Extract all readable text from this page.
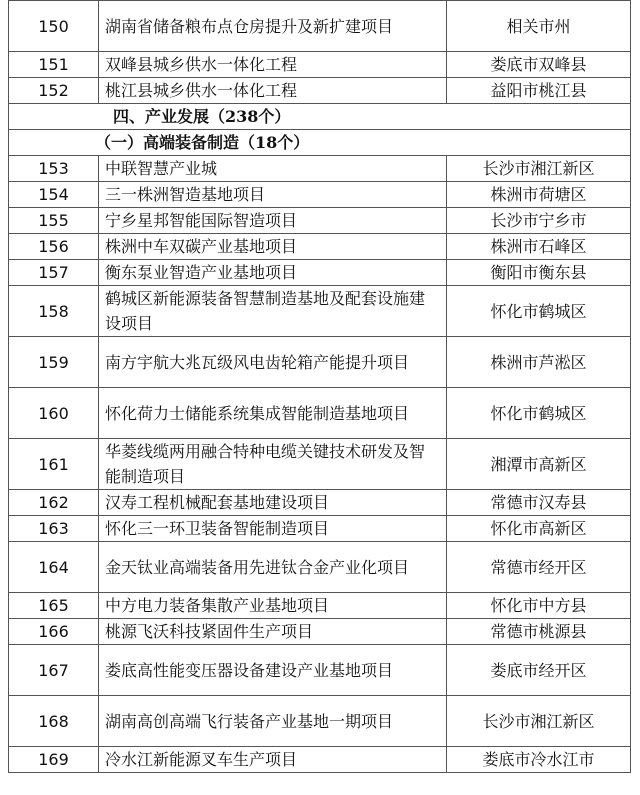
150	湖南省储备粮布点仓房提升及新扩建项目	相关市州
151	双峰县城乡供水一体化工程	娄底市双峰县
152	桃江县城乡供水一体化工程	益阳市桃江县
四、产业发展（238个）		
（一）高端装备制造（18个）		
153	中联智慧产业城	长沙市湘江新区
154	三一株洲智造基地项目	株洲市荷塘区
155	宁乡星邦智能国际智造项目	长沙市宁乡市
156	株洲中车双碳产业基地项目	株洲市石峰区
157	衡东泵业智造产业基地项目	衡阳市衡东县
158	鹤城区新能源装备智慧制造基地及配套设施建设项目	怀化市鹤城区
159	南方宇航大兆瓦级风电齿轮箱产能提升项目	株洲市芦淞区
160	怀化荷力士储能系统集成智能制造基地项目	怀化市鹤城区
161	华菱线缆两用融合特种电缆关键技术研发及智能制造项目	湘潭市高新区
162	汉寿工程机械配套基地建设项目	常德市汉寿县
163	怀化三一环卫装备智能制造项目	怀化市高新区
164	金天钛业高端装备用先进钛合金产业化项目	常德市经开区
165	中方电力装备集散产业基地项目	怀化市中方县
166	桃源飞沃科技紧固件生产项目	常德市桃源县
167	娄底高性能变压器设备建设产业基地项目	娄底市经开区
168	湖南高创高端飞行装备产业基地一期项目	长沙市湘江新区
169	冷水江新能源叉车生产项目	娄底市冷水江市
